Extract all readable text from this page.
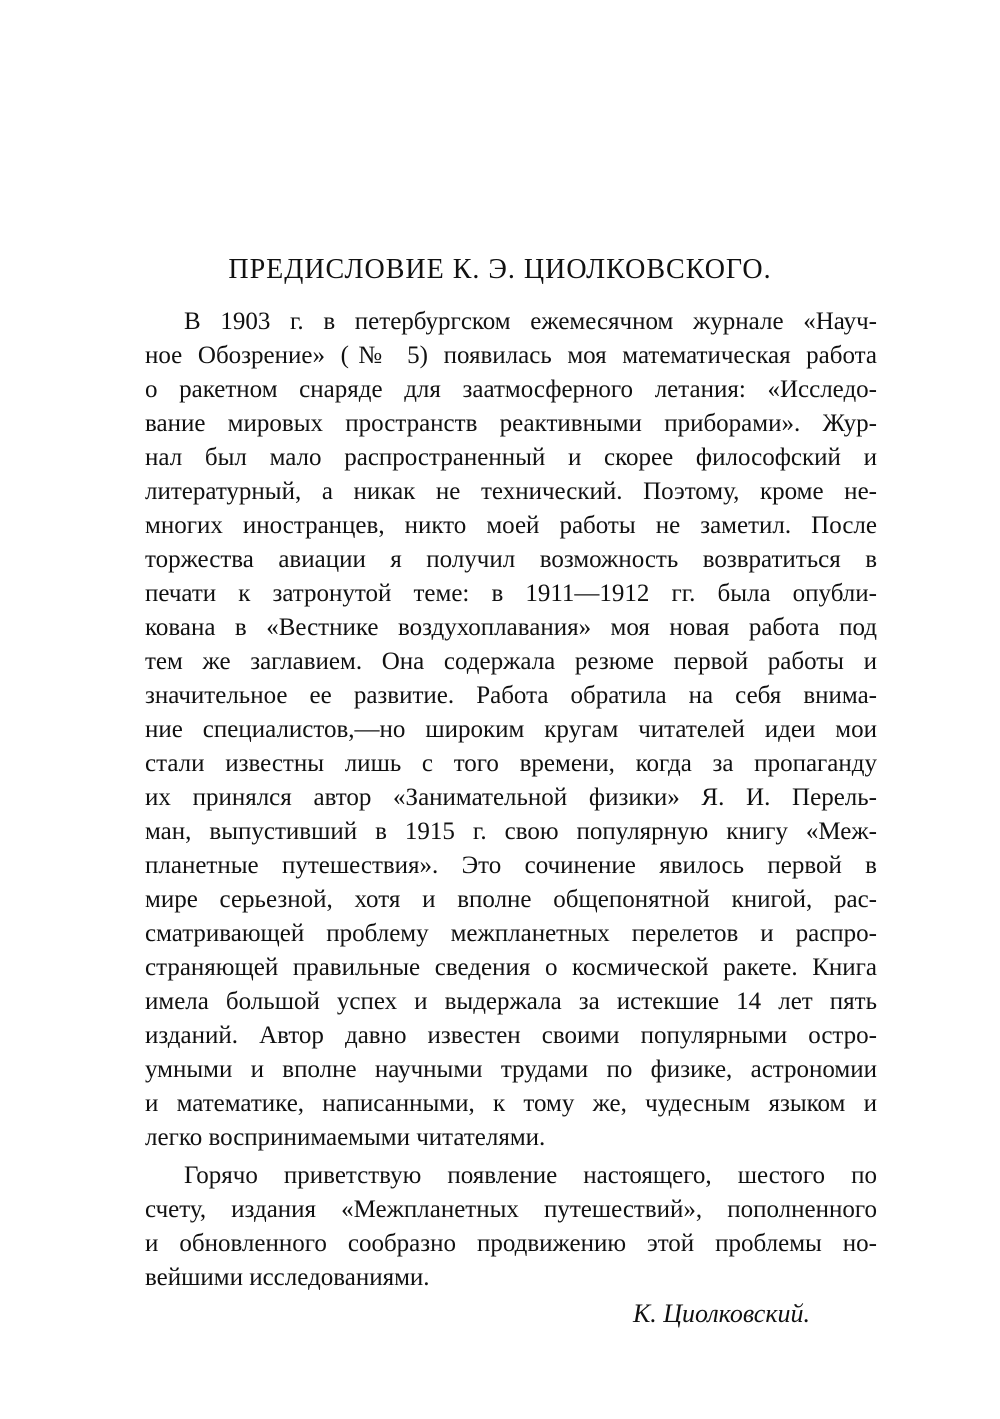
ПРЕДИСЛОВИЕ К. Э. ЦИОЛКОВСКОГО.

В 1903 г. в петербургском ежемесячном журнале «Науч-

ное Обозрение» (№ 5) появилась моя математическая работа

о ракетном снаряде для заатмосферного летания: «Исследо-

вание мировых пространств реактивными приборами». Жур-

нал был мало распространенный и скорее философский и

литературный, а никак не технический. Поэтому, кроме не-

многих иностранцев, никто моей работы не заметил. После

торжества авиации я получил возможность возвратиться в

печати к затронутой теме: в 1911—1912 гг. была опубли-

кована в «Вестнике воздухоплавания» моя новая работа под

тем же заглавием. Она содержала резюме первой работы и

значительное ее развитие. Работа обратила на себя внима-

ние специалистов,—но широким кругам читателей идеи мои

стали известны лишь с того времени, когда за пропаганду

их принялся автор «Занимательной физики» Я. И. Перель-

ман, выпустивший в 1915 г. свою популярную книгу «Меж-

планетные путешествия». Это сочинение явилось первой в

мире серьезной, хотя и вполне общепонятной книгой, рас-

сматривающей проблему межпланетных перелетов и распро-

страняющей правильные сведения о космической ракете. Книга

имела большой успех и выдержала за истекшие 14 лет пять

изданий. Автор давно известен своими популярными остро-

умными и вполне научными трудами по физике, астрономии

и математике, написанными, к тому же, чудесным языком и

легко воспринимаемыми читателями.

Горячо приветствую появление настоящего, шестого по

счету, издания «Межпланетных путешествий», пополненного

и обновленного сообразно продвижению этой проблемы но-

вейшими исследованиями.

К. Циолковский.
